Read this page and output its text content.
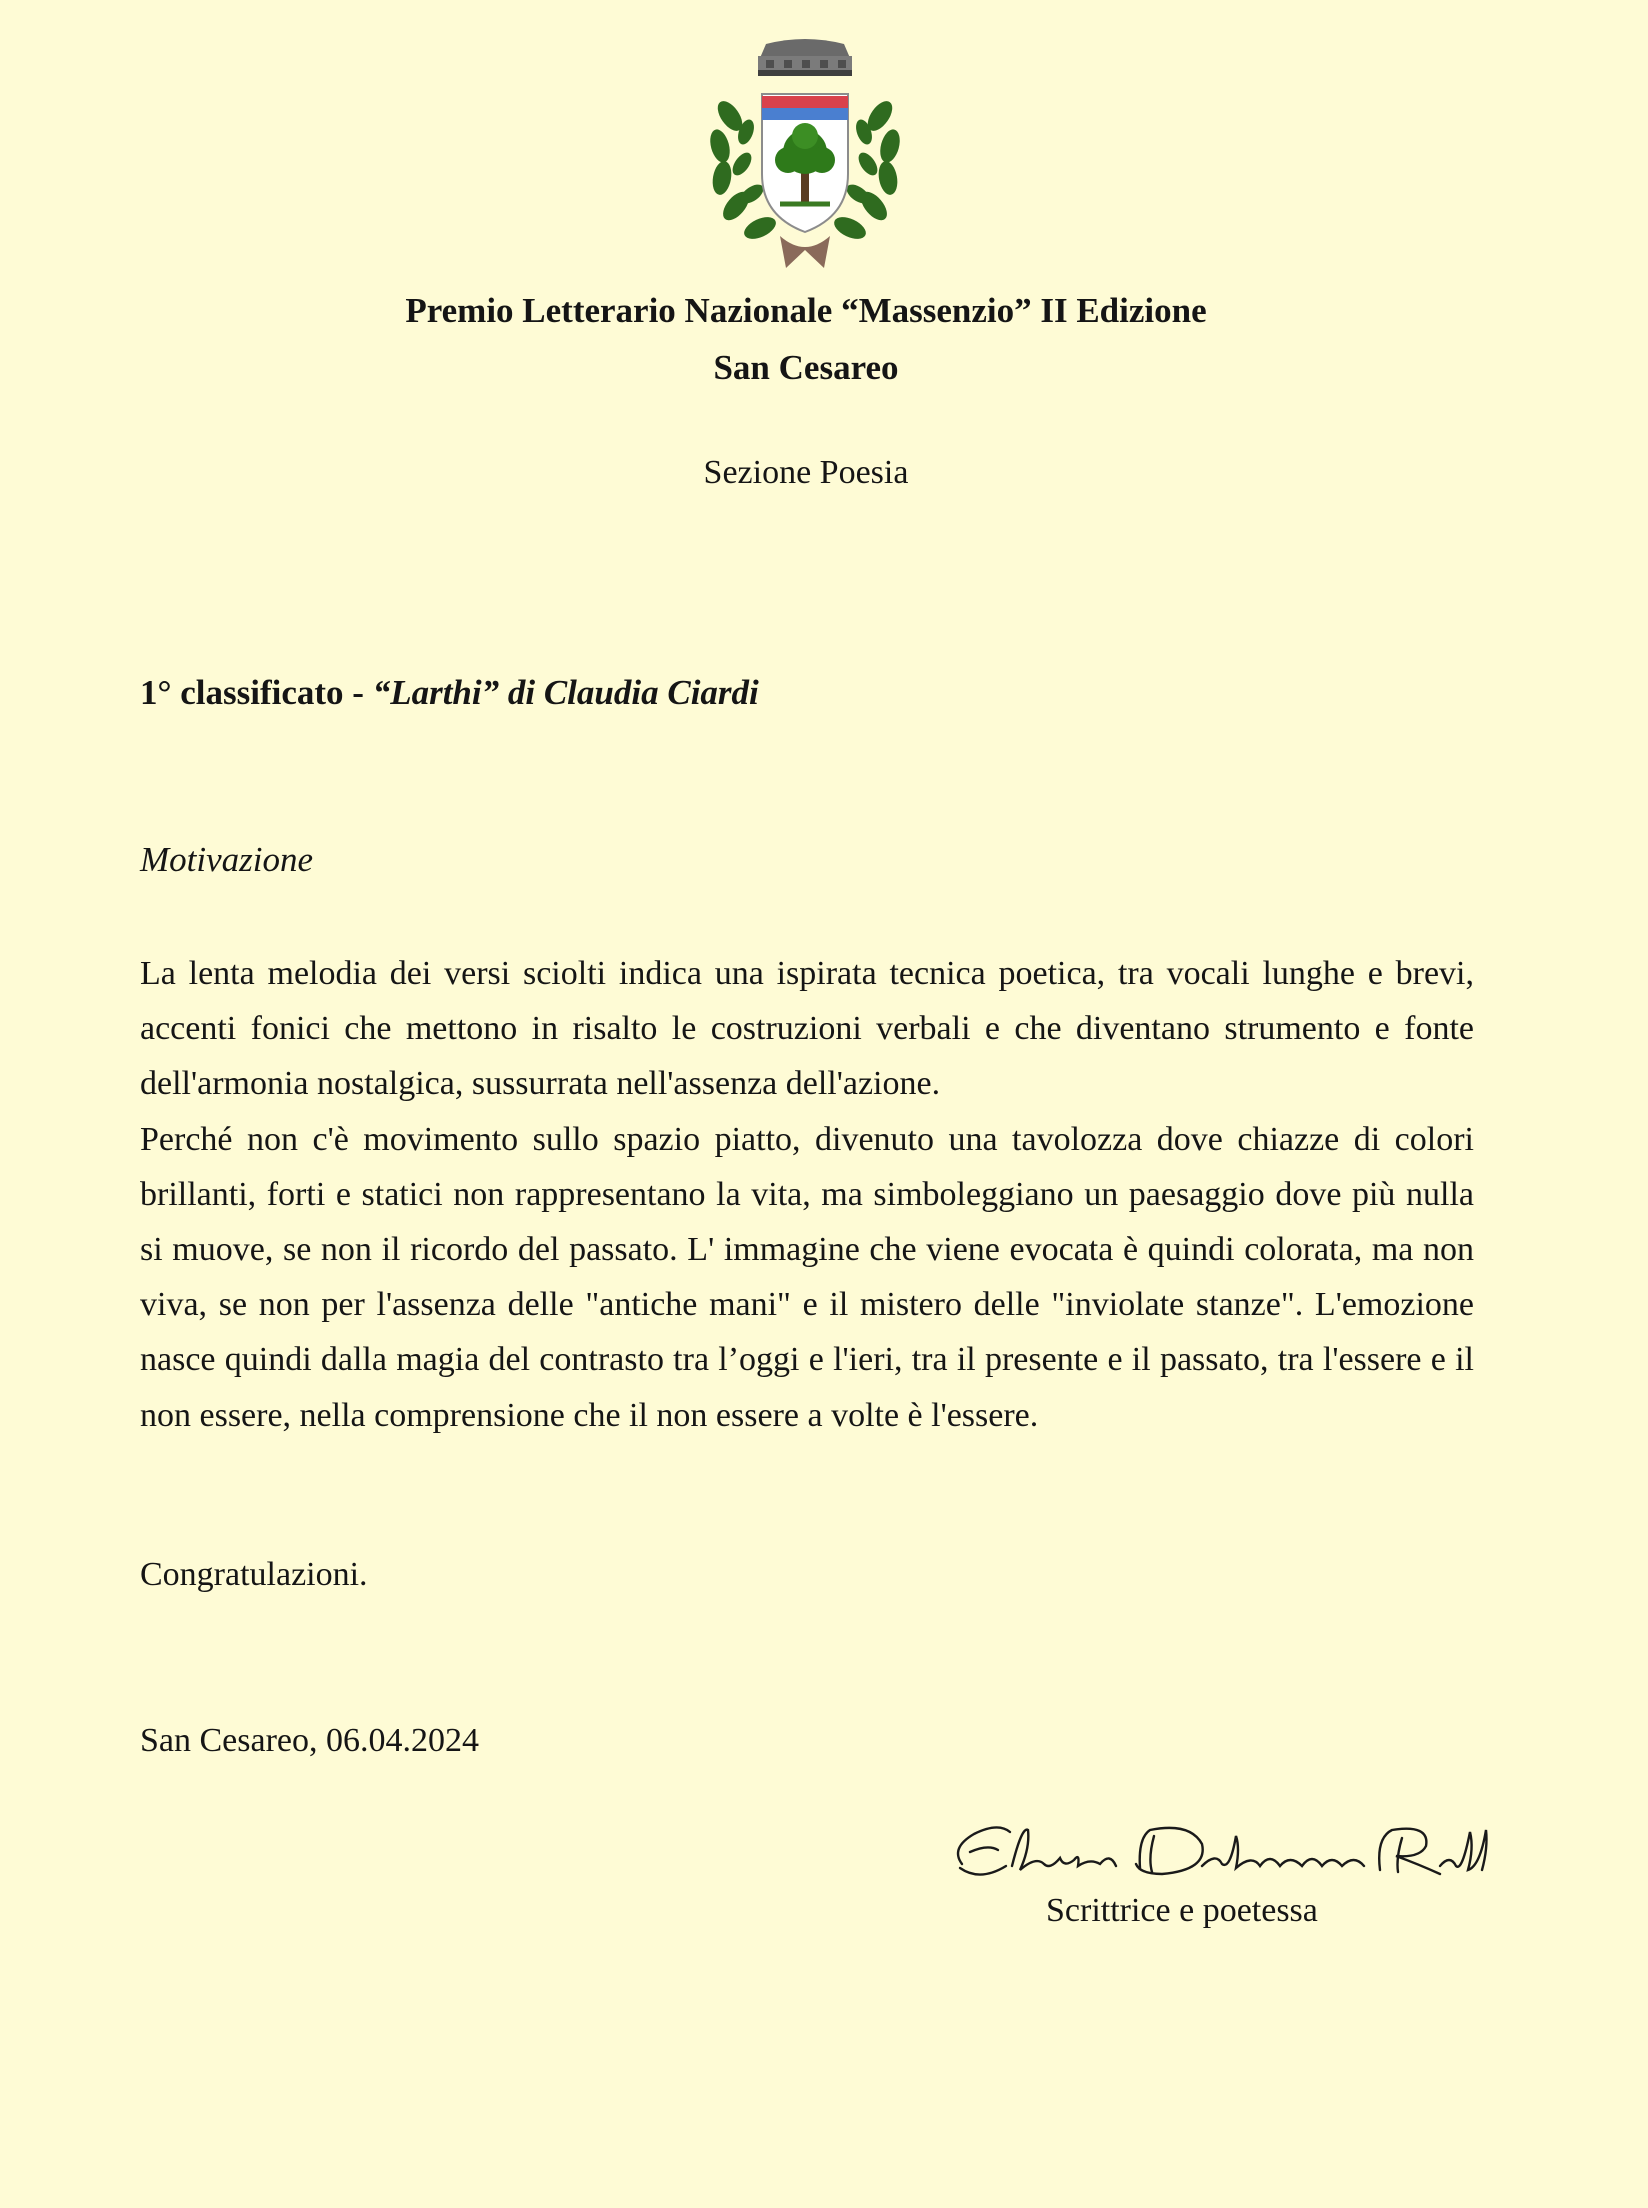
Premio Letterario Nazionale “Massenzio” II Edizione
San Cesareo
Sezione Poesia
1° classificato - “Larthi” di Claudia Ciardi
Motivazione

La lenta melodia dei versi sciolti indica una ispirata tecnica poetica, tra vocali lunghe e brevi, accenti fonici che mettono in risalto le costruzioni verbali e che diventano strumento e fonte dell'armonia nostalgica, sussurrata nell'assenza dell'azione.

Perché non c'è movimento sullo spazio piatto, divenuto una tavolozza dove chiazze di colori brillanti, forti e statici non rappresentano la vita, ma simboleggiano un paesaggio dove più nulla si muove, se non il ricordo del passato. L' immagine che viene evocata è quindi colorata, ma non viva, se non per l'assenza delle "antiche mani" e il mistero delle "inviolate stanze". L'emozione nasce quindi dalla magia del contrasto tra l’oggi e l'ieri, tra il presente e il passato, tra l'essere e il non essere, nella comprensione che il non essere a volte è l'essere.

Congratulazioni.
San Cesareo, 06.04.2024
Scrittrice e poetessa
